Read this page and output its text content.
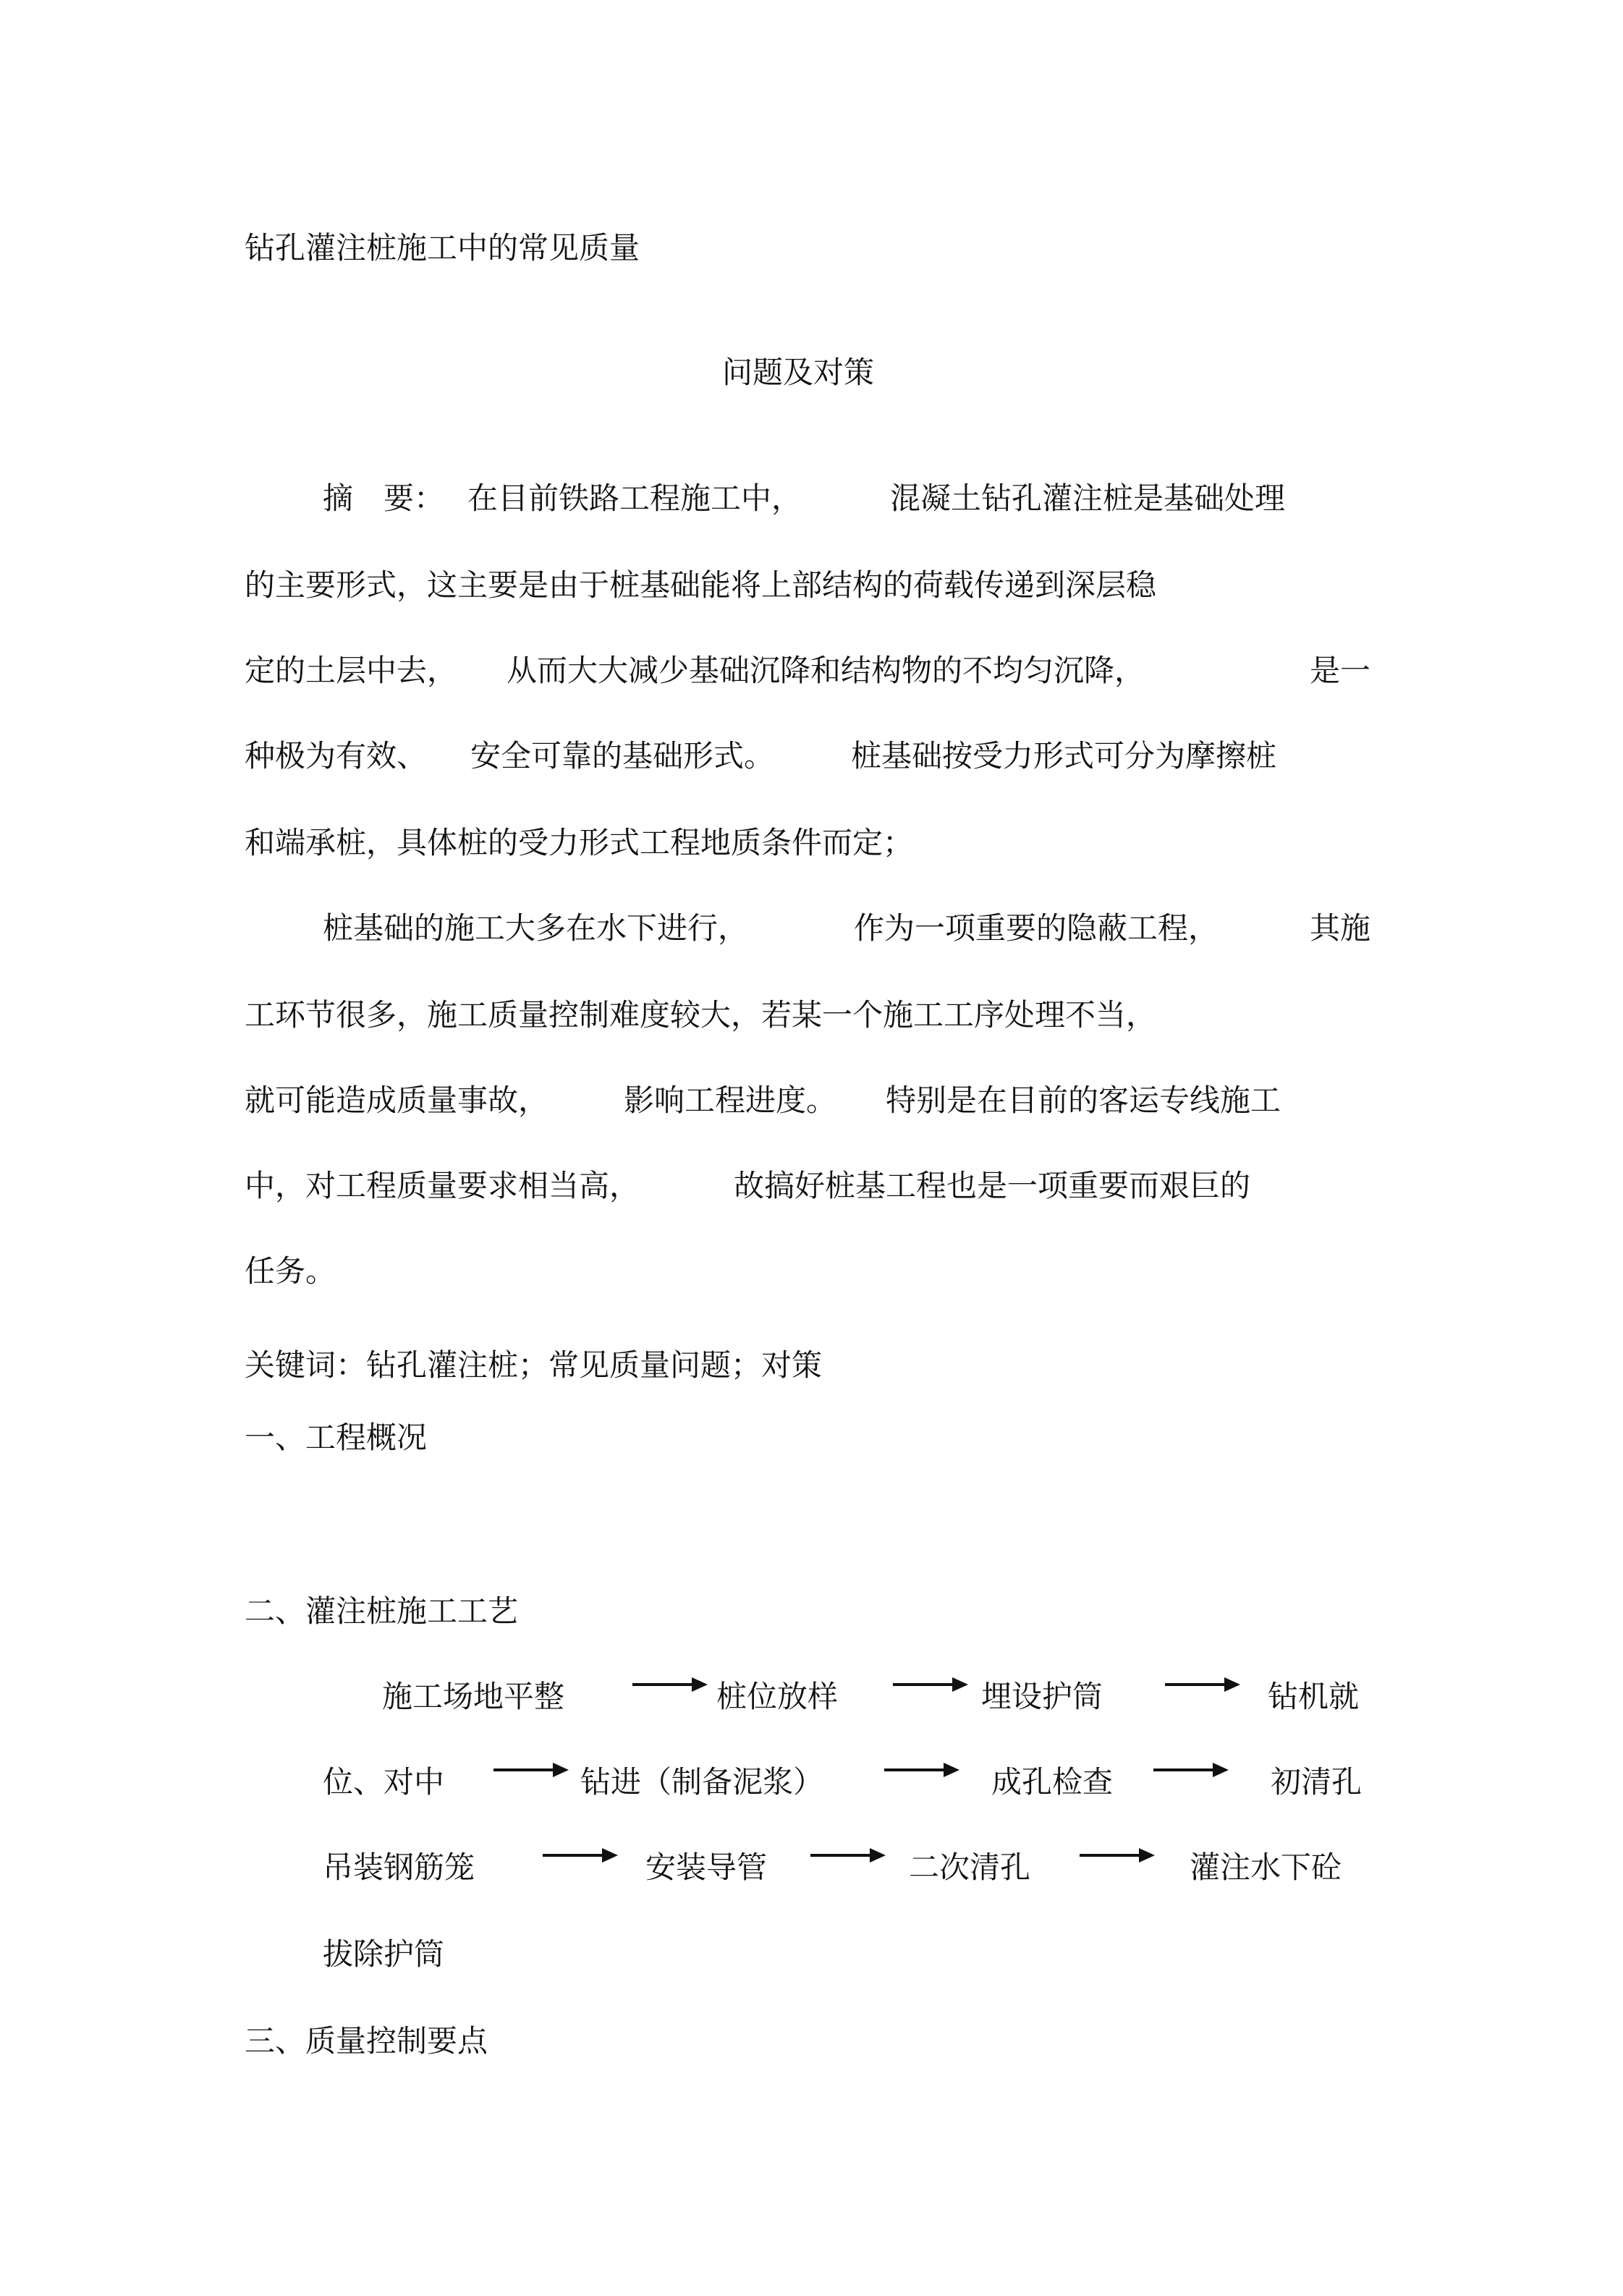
钻孔灌注桩施工中的常见质量
问题及对策
摘　要： 在目前铁路工程施工中，	混凝土钻孔灌注桩是基础处理
的主要形式，这主要是由于桩基础能将上部结构的荷载传递到深层稳
定的土层中去， 从而大大减少基础沉降和结构物的不均匀沉降，	是一
种极为有效、 安全可靠的基础形式。	桩基础按受力形式可分为摩擦桩
和端承桩，具体桩的受力形式工程地质条件而定；
桩基础的施工大多在水下进行，	作为一项重要的隐蔽工程，	其施
工环节很多，施工质量控制难度较大，若某一个施工工序处理不当，
就可能造成质量事故， 影响工程进度。 特别是在目前的客运专线施工
中，对工程质量要求相当高，	故搞好桩基工程也是一项重要而艰巨的
任务。
关键词：钻孔灌注桩；常见质量问题；对策
一、工程概况
二、灌注桩施工工艺
施工场地平整	桩位放样	埋设护筒	钻机就
位、对中	钻进（制备泥浆）	成孔检查	初清孔
吊装钢筋笼	安装导管	二次清孔	灌注水下砼
拔除护筒
三、质量控制要点
